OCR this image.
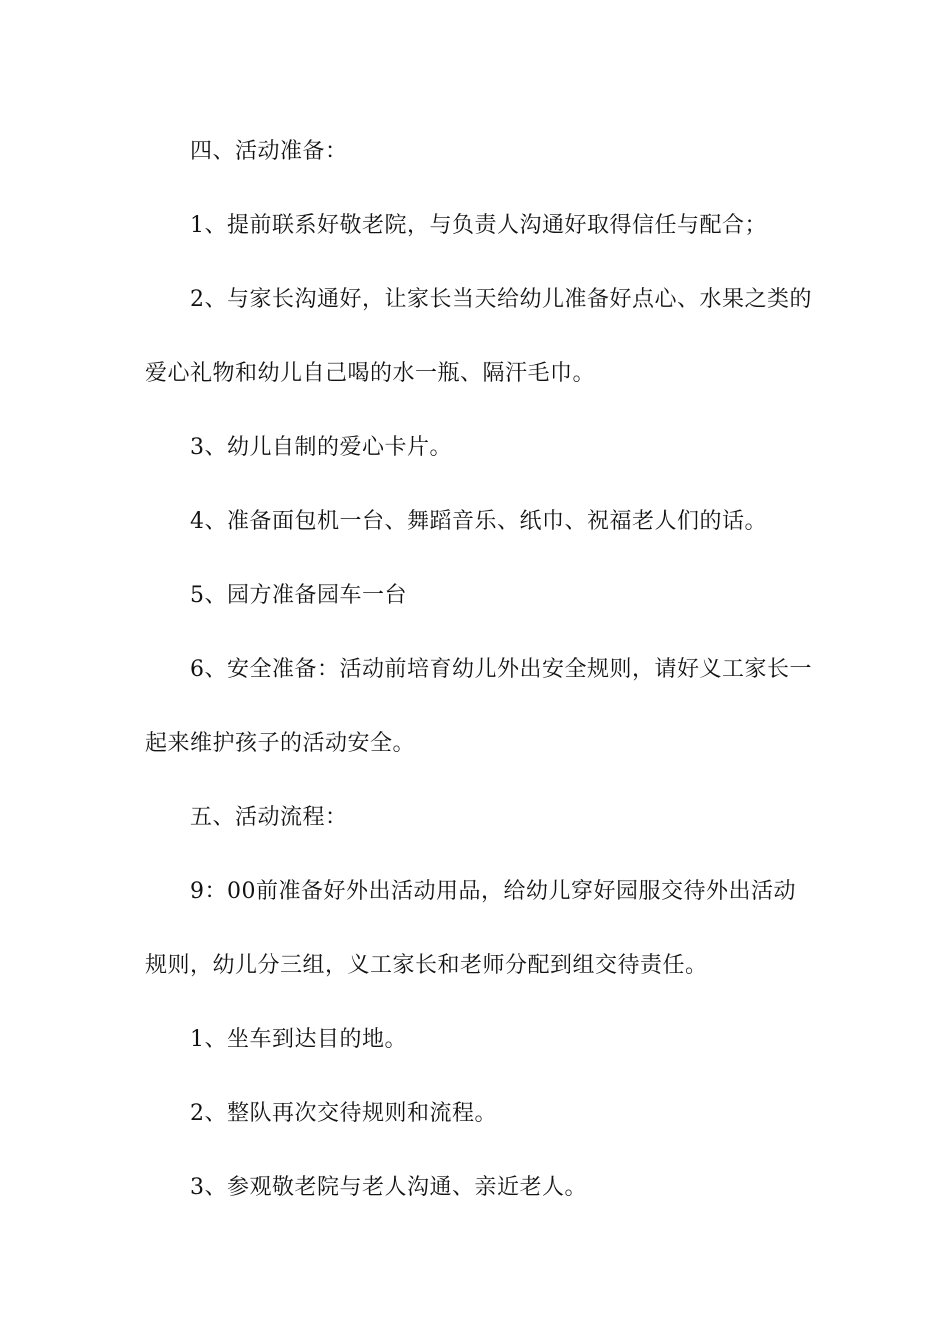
　　四、活动准备：

　　1、提前联系好敬老院，与负责人沟通好取得信任与配合；

　　2、与家长沟通好，让家长当天给幼儿准备好点心、水果之类的爱心礼物和幼儿自己喝的水一瓶、隔汗毛巾。

　　3、幼儿自制的爱心卡片。

　　4、准备面包机一台、舞蹈音乐、纸巾、祝福老人们的话。

　　5、园方准备园车一台

　　6、安全准备：活动前培育幼儿外出安全规则，请好义工家长一起来维护孩子的活动安全。

　　五、活动流程：

　　9：00前准备好外出活动用品，给幼儿穿好园服交待外出活动规则，幼儿分三组，义工家长和老师分配到组交待责任。

　　1、坐车到达目的地。

　　2、整队再次交待规则和流程。

　　3、参观敬老院与老人沟通、亲近老人。
